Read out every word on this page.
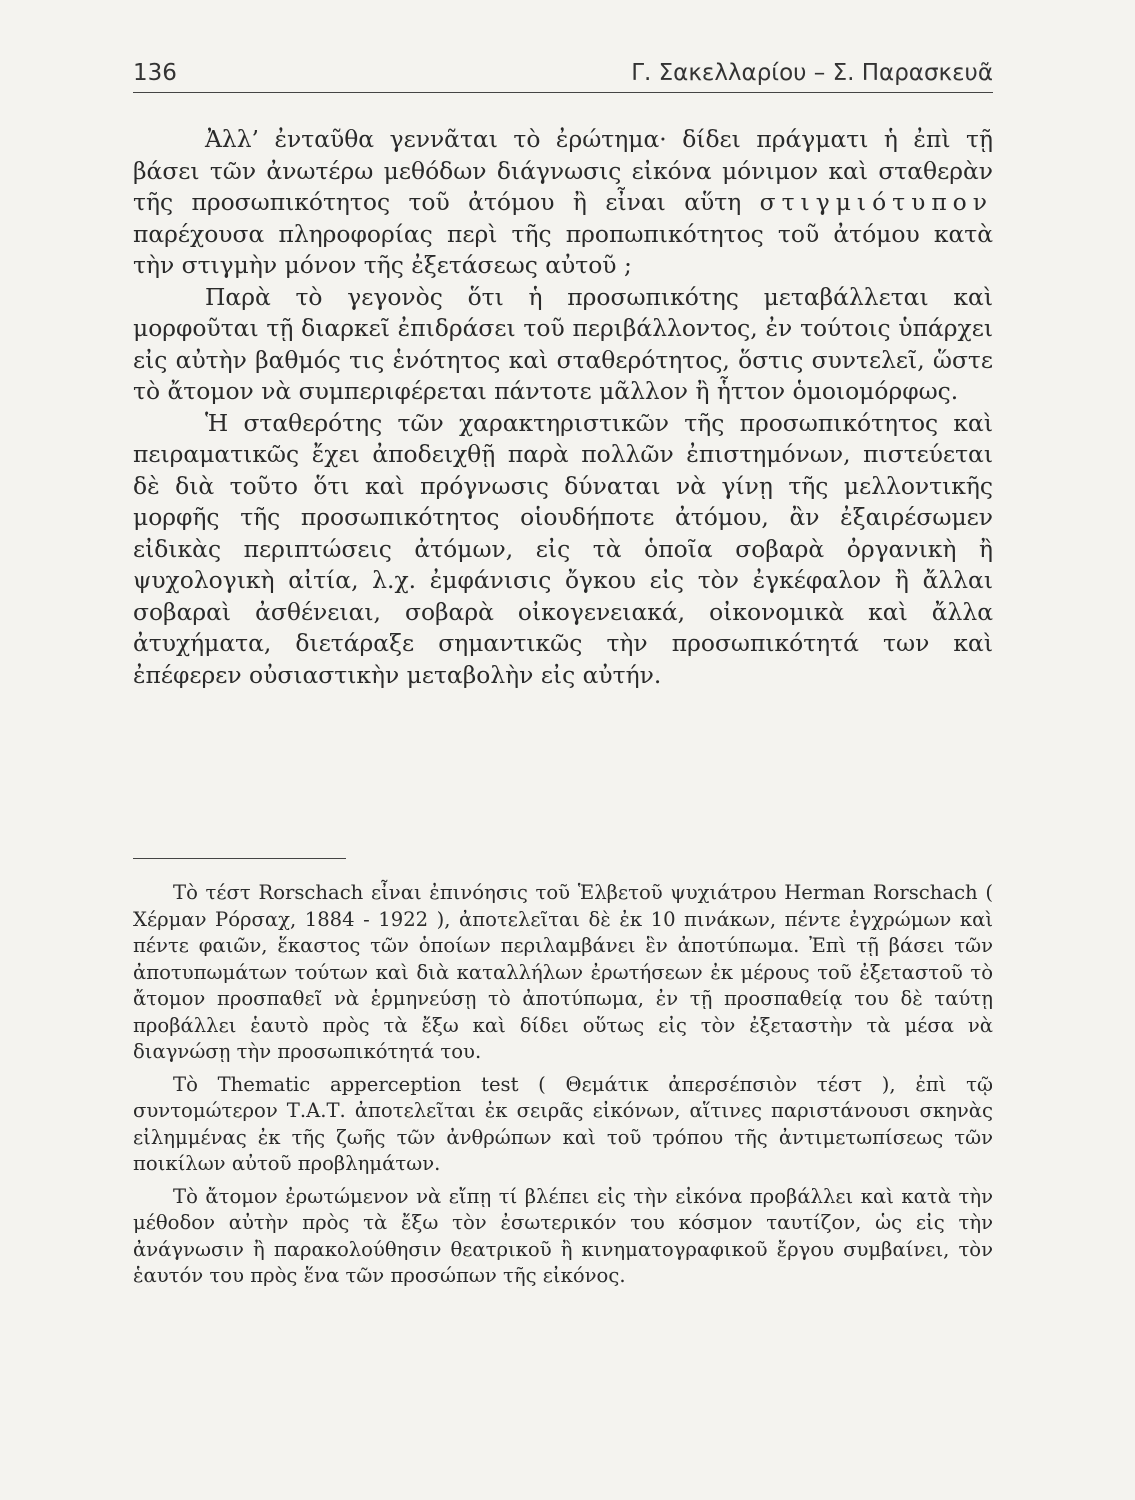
136	Γ. Σακελλαρίου – Σ. Παρασκευᾶ

Ἀλλ’ ἐνταῦθα γεννᾶται τὸ ἐρώτημα· δίδει πράγματι ἡ ἐπὶ τῇ βάσει τῶν ἀνωτέρω μεθόδων διάγνωσις εἰκόνα μόνιμον καὶ σταθερὰν τῆς προσωπικότητος τοῦ ἀτόμου ἢ εἶναι αὕτη στιγμιότυπον παρέχουσα πληροφορίας περὶ τῆς προπωπικότητος τοῦ ἀτόμου κατὰ τὴν στιγμὴν μόνον τῆς ἐξετάσεως αὐτοῦ ;

Παρὰ τὸ γεγονὸς ὅτι ἡ προσωπικότης μεταβάλλεται καὶ μορφοῦται τῇ διαρκεῖ ἐπιδράσει τοῦ περιβάλλοντος, ἐν τούτοις ὑπάρχει εἰς αὐτὴν βαθμός τις ἑνότητος καὶ σταθερότητος, ὅστις συντελεῖ, ὥστε τὸ ἄτομον νὰ συμπεριφέρεται πάντοτε μᾶλλον ἢ ἧττον ὁμοιομόρφως.

Ἡ σταθερότης τῶν χαρακτηριστικῶν τῆς προσωπικότητος καὶ πειραματικῶς ἔχει ἀποδειχθῇ παρὰ πολλῶν ἐπιστημόνων, πιστεύεται δὲ διὰ τοῦτο ὅτι καὶ πρόγνωσις δύναται νὰ γίνῃ τῆς μελλοντικῆς μορφῆς τῆς προσωπικότητος οἱουδήποτε ἀτόμου, ἂν ἐξαιρέσωμεν εἰδικὰς περιπτώσεις ἀτόμων, εἰς τὰ ὁποῖα σοβαρὰ ὀργανικὴ ἢ ψυχολογικὴ αἰτία, λ.χ. ἐμφάνισις ὄγκου εἰς τὸν ἐγκέφαλον ἢ ἄλλαι σοβαραὶ ἀσθένειαι, σοβαρὰ οἰκογενειακά, οἰκονομικὰ καὶ ἄλλα ἀτυχήματα, διετάραξε σημαντικῶς τὴν προσωπικότητά των καὶ ἐπέφερεν οὐσιαστικὴν μεταβολὴν εἰς αὐτήν.

Τὸ τέστ Rorschach εἶναι ἐπινόησις τοῦ Ἑλβετοῦ ψυχιάτρου Herman Rorschach ( Χέρμαν Ρόρσαχ, 1884 - 1922 ), ἀποτελεῖται δὲ ἐκ 10 πινάκων, πέντε ἐγχρώμων καὶ πέντε φαιῶν, ἕκαστος τῶν ὁποίων περιλαμβάνει ἓν ἀποτύπωμα. Ἐπὶ τῇ βάσει τῶν ἀποτυπωμάτων τούτων καὶ διὰ καταλλήλων ἐρωτήσεων ἐκ μέρους τοῦ ἐξεταστοῦ τὸ ἄτομον προσπαθεῖ νὰ ἑρμηνεύσῃ τὸ ἀποτύπωμα, ἐν τῇ προσπαθείᾳ του δὲ ταύτῃ προβάλλει ἑαυτὸ πρὸς τὰ ἔξω καὶ δίδει οὕτως εἰς τὸν ἐξεταστὴν τὰ μέσα νὰ διαγνώσῃ τὴν προσωπικότητά του.

Τὸ Thematic apperception test ( Θεμάτικ ἀπερσέπσιὸν τέστ ), ἐπὶ τῷ συντομώτερον Τ.Α.Τ. ἀποτελεῖται ἐκ σειρᾶς εἰκόνων, αἵτινες παριστάνουσι σκηνὰς εἰλημμένας ἐκ τῆς ζωῆς τῶν ἀνθρώπων καὶ τοῦ τρόπου τῆς ἀντιμετωπίσεως τῶν ποικίλων αὐτοῦ προβλημάτων.

Τὸ ἄτομον ἐρωτώμενον νὰ εἴπῃ τί βλέπει εἰς τὴν εἰκόνα προβάλλει καὶ κατὰ τὴν μέθοδον αὐτὴν πρὸς τὰ ἔξω τὸν ἐσωτερικόν του κόσμον ταυτίζον, ὡς εἰς τὴν ἀνάγνωσιν ἢ παρακολούθησιν θεατρικοῦ ἢ κινηματογραφικοῦ ἔργου συμβαίνει, τὸν ἑαυτόν του πρὸς ἕνα τῶν προσώπων τῆς εἰκόνος.
